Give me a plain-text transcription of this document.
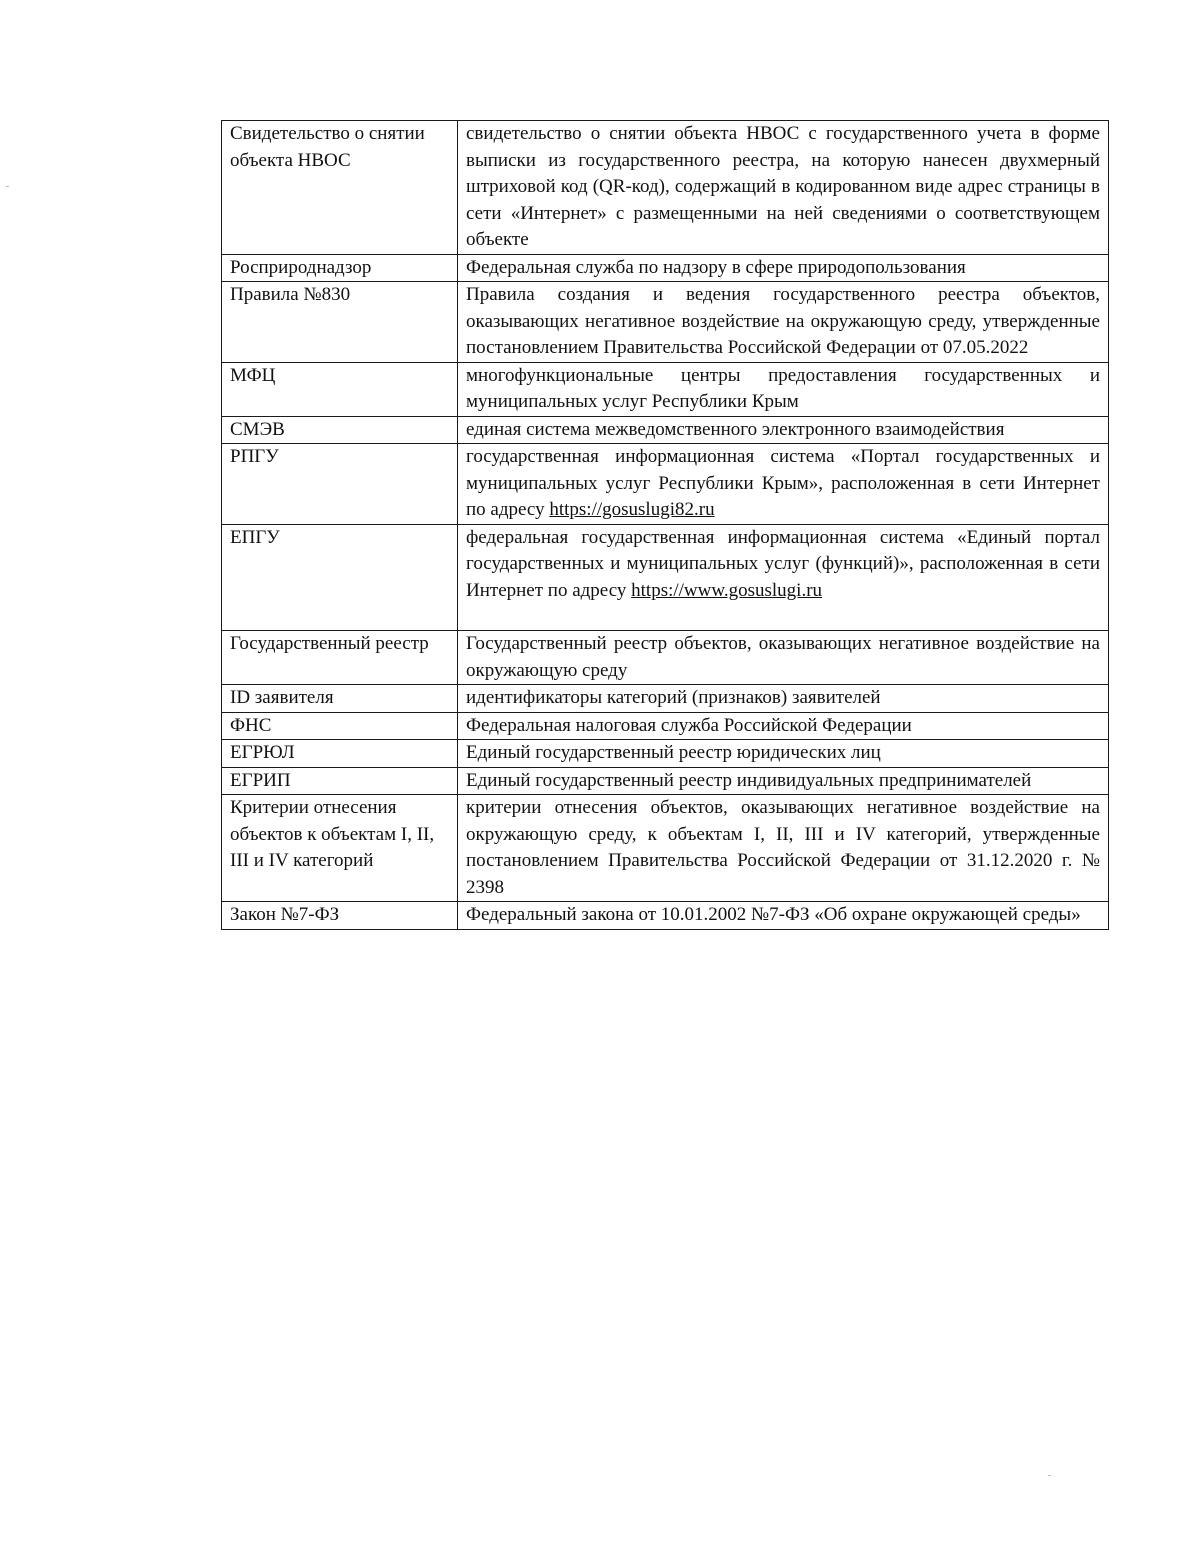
Свидетельство о снятии объекта НВОС	свидетельство о снятии объекта НВОС с государственного учета в форме выписки из государственного реестра, на которую нанесен двухмерный штриховой код (QR-код), содержащий в кодированном виде адрес страницы в сети «Интернет» с размещенными на ней сведениями о соответствующем объекте
Росприроднадзор	Федеральная служба по надзору в сфере природопользования
Правила №830	Правила создания и ведения государственного реестра объектов, оказывающих негативное воздействие на окружающую среду, утвержденные постановлением Правительства Российской Федерации от 07.05.2022
МФЦ	многофункциональные центры предоставления государственных и муниципальных услуг Республики Крым
СМЭВ	единая система межведомственного электронного взаимодействия
РПГУ	государственная информационная система «Портал государственных и муниципальных услуг Республики Крым», расположенная в сети Интернет по адресу https://gosuslugi82.ru
ЕПГУ	федеральная государственная информационная система «Единый портал государственных и муниципальных услуг (функций)», расположенная в сети Интернет по адресу https://www.gosuslugi.ru
Государственный реестр	Государственный реестр объектов, оказывающих негативное воздействие на окружающую среду
ID заявителя	идентификаторы категорий (признаков) заявителей
ФНС	Федеральная налоговая служба Российской Федерации
ЕГРЮЛ	Единый государственный реестр юридических лиц
ЕГРИП	Единый государственный реестр индивидуальных предпринимателей
Критерии отнесения объектов к объектам I, II, III и IV категорий	критерии отнесения объектов, оказывающих негативное воздействие на окружающую среду, к объектам I, II, III и IV категорий, утвержденные постановлением Правительства Российской Федерации от 31.12.2020 г. № 2398
Закон №7-ФЗ	Федеральный закона от 10.01.2002 №7-ФЗ «Об охране окружающей среды»
